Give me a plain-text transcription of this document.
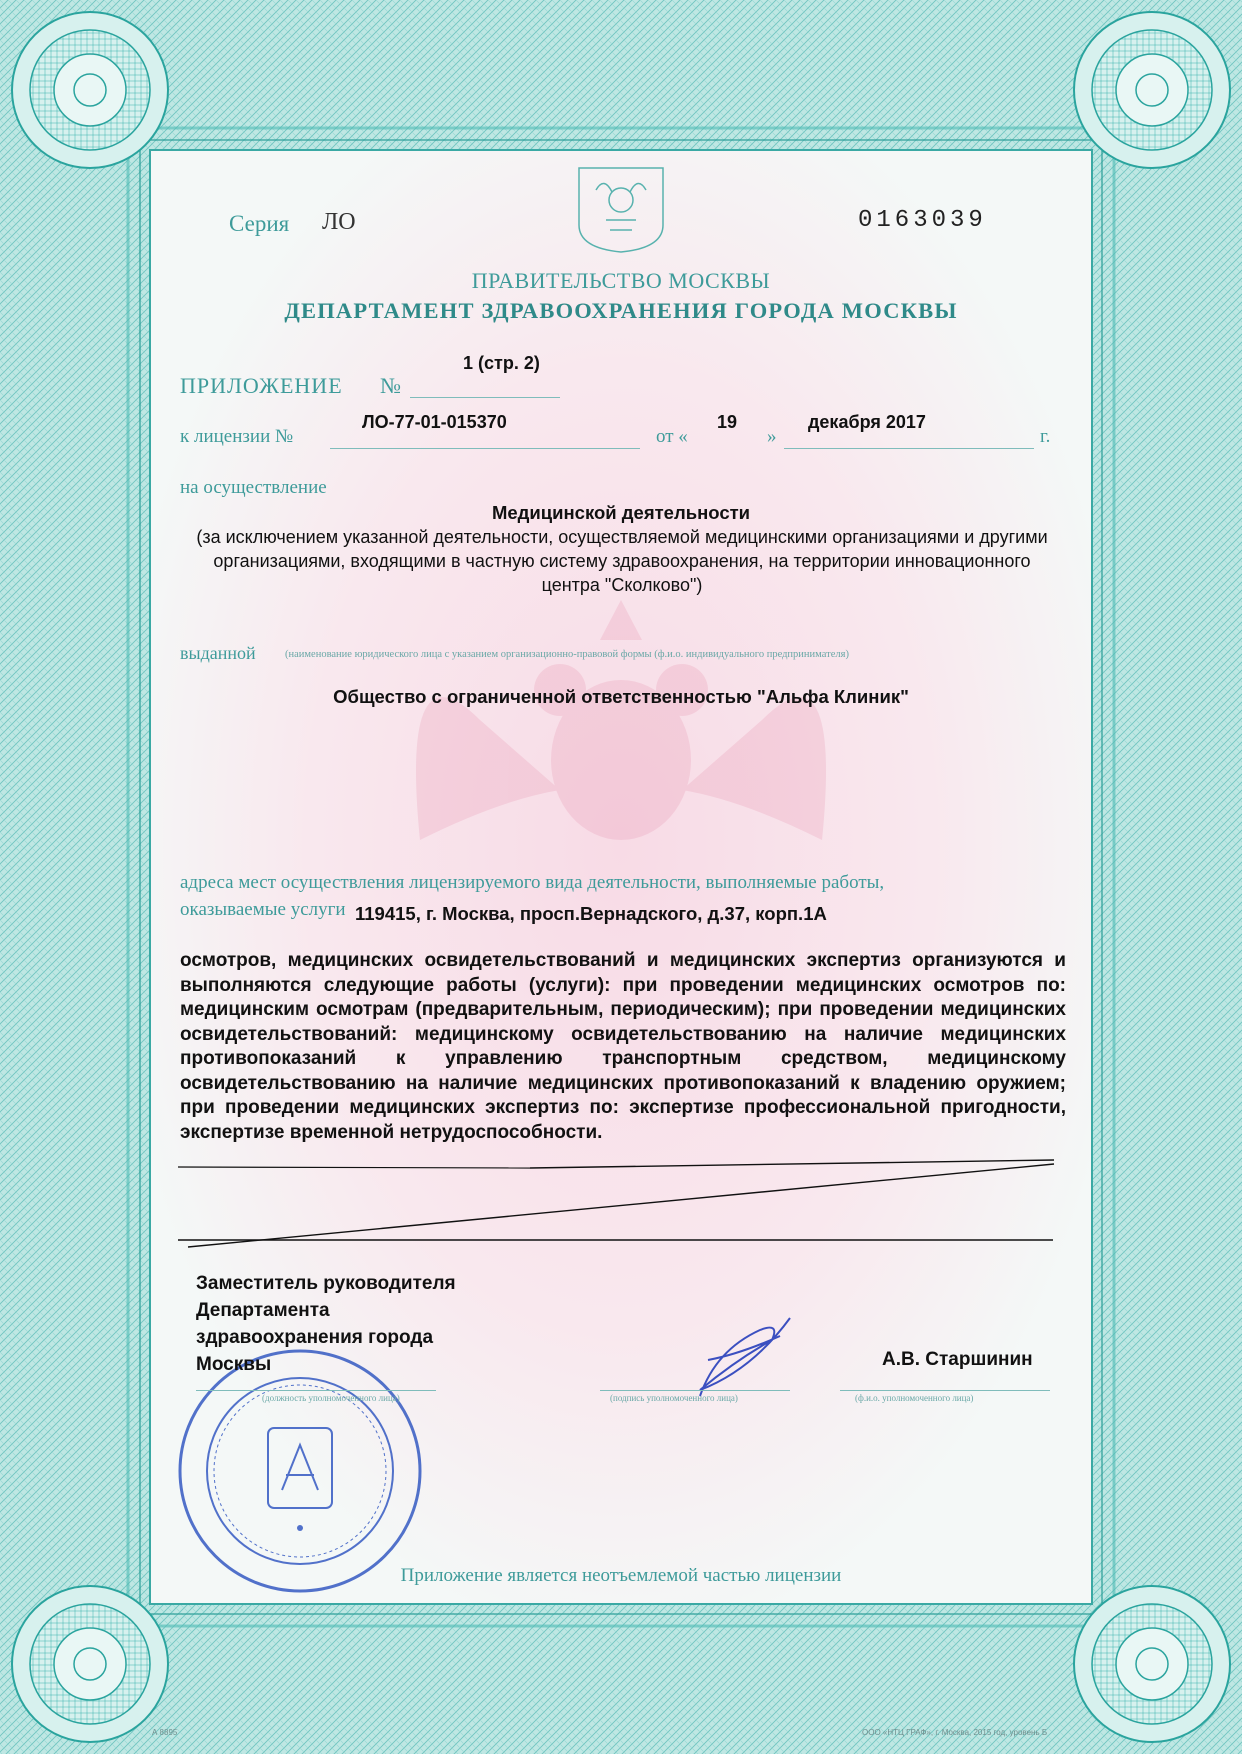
Серия ЛО	0163039
ПРАВИТЕЛЬСТВО МОСКВЫ
ДЕПАРТАМЕНТ ЗДРАВООХРАНЕНИЯ ГОРОДА МОСКВЫ
ПРИЛОЖЕНИЕ №
1 (стр. 2)
к лицензии №
ЛО-77-01-015370
от «
19
»
декабря 2017
г.
на осуществление
Медицинской деятельности
(за исключением указанной деятельности, осуществляемой медицинскими организациями и другими организациями, входящими в частную систему здравоохранения, на территории инновационного центра "Сколково")
выданной	(наименование юридического лица с указанием организационно-правовой формы (ф.и.о. индивидуального предпринимателя)
Общество с ограниченной ответственностью "Альфа Клиник"
адреса мест осуществления лицензируемого вида деятельности, выполняемые работы,
оказываемые услуги 119415, г. Москва, просп.Вернадского, д.37, корп.1А
осмотров, медицинских освидетельствований и медицинских экспертиз организуются и выполняются следующие работы (услуги): при проведении медицинских осмотров по: медицинским осмотрам (предварительным, периодическим); при проведении медицинских освидетельствований: медицинскому освидетельствованию на наличие медицинских противопоказаний к управлению транспортным средством, медицинскому освидетельствованию на наличие медицинских противопоказаний к владению оружием; при проведении медицинских экспертиз по: экспертизе профессиональной пригодности, экспертизе временной нетрудоспособности.
Заместитель руководителя
Департамента
здравоохранения города
Москвы	А.В. Старшинин
(должность уполномоченного лица)	(подпись уполномоченного лица)	(ф.и.о. уполномоченного лица)
Приложение является неотъемлемой частью лицензии
ООО «НТЦ ГРАФ», г. Москва, 2015 год, уровень Б
А 8895
